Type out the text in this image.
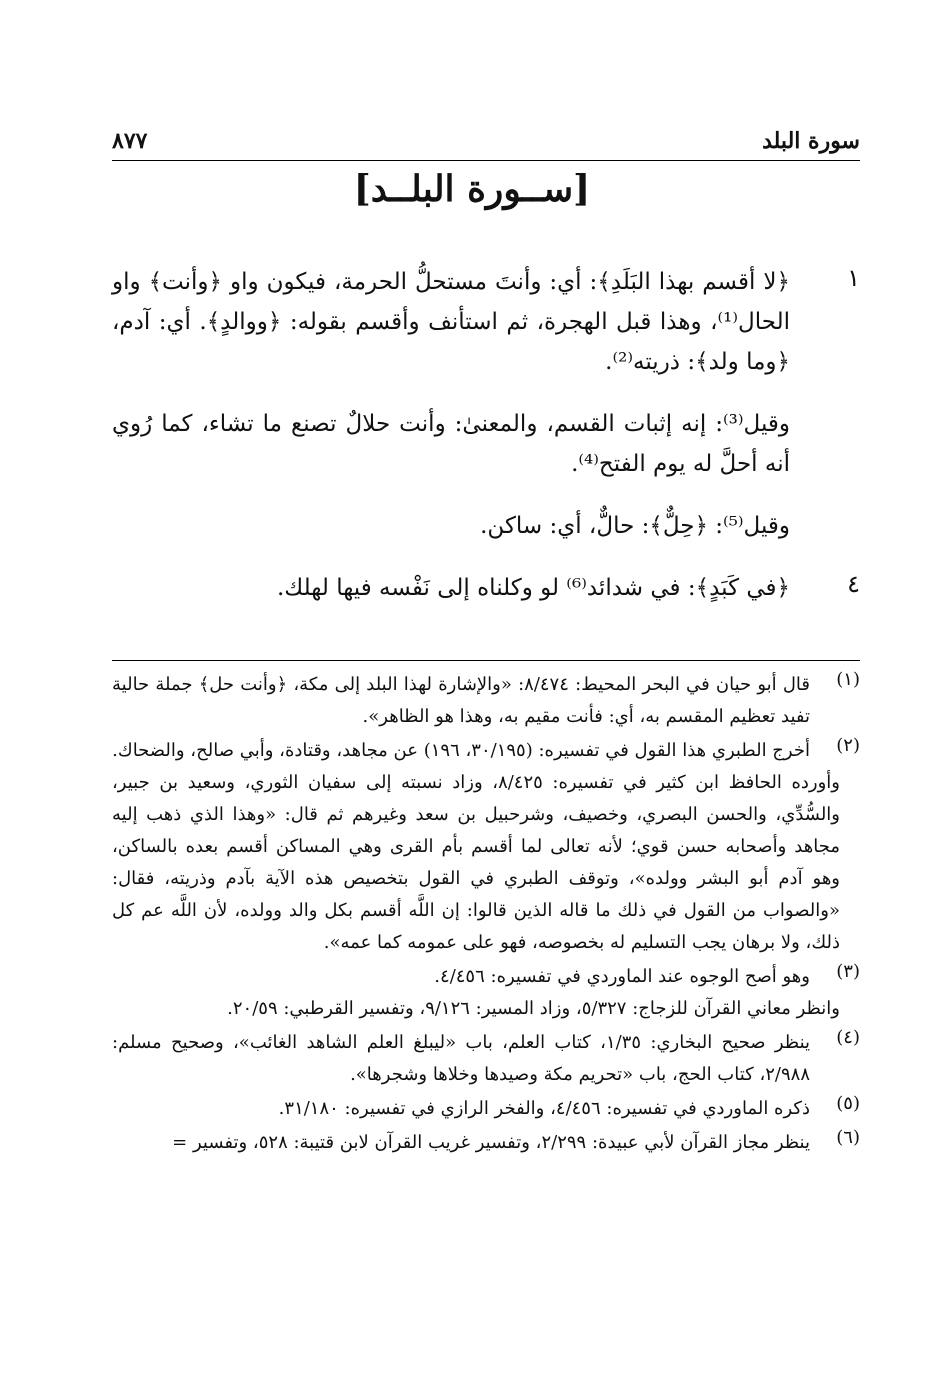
سورة البلد
٨٧٧
[ســورة البلــد]
١

﴿لا أقسم بهذا البَلَدِ﴾: أي: وأنتَ مستحلُّ الحرمة، فيكون واو ﴿وأنت﴾ واو الحال⁽¹⁾، وهذا قبل الهجرة، ثم استأنف وأقسم بقوله: ﴿ووالدٍ﴾. أي: آدم، ﴿وما ولد﴾: ذريته⁽²⁾.

وقيل⁽³⁾: إنه إثبات القسم، والمعنىٰ: وأنت حلالٌ تصنع ما تشاء، كما رُوي أنه أحلَّ له يوم الفتح⁽⁴⁾.

وقيل⁽⁵⁾: ﴿حِلٌّ﴾: حالٌّ، أي: ساكن.

٤

﴿في كَبَدٍ﴾: في شدائد⁽⁶⁾ لو وكلناه إلى نَفْسه فيها لهلك.

(١)

قال أبو حيان في البحر المحيط: ٨/٤٧٤: «والإشارة لهذا البلد إلى مكة، ﴿وأنت حل﴾ جملة حالية تفيد تعظيم المقسم به، أي: فأنت مقيم به، وهذا هو الظاهر».

(٢)

أخرج الطبري هذا القول في تفسيره: (٣٠/١٩٥، ١٩٦) عن مجاهد، وقتادة، وأبي صالح، والضحاك.

وأورده الحافظ ابن كثير في تفسيره: ٨/٤٢٥، وزاد نسبته إلى سفيان الثوري، وسعيد بن جبير، والسُّدِّي، والحسن البصري، وخصيف، وشرحبيل بن سعد وغيرهم ثم قال: «وهذا الذي ذهب إليه مجاهد وأصحابه حسن قوي؛ لأنه تعالى لما أقسم بأم القرى وهي المساكن أقسم بعده بالساكن، وهو آدم أبو البشر وولده»، وتوقف الطبري في القول بتخصيص هذه الآية بآدم وذريته، فقال: «والصواب من القول في ذلك ما قاله الذين قالوا: إن اللَّه أقسم بكل والد وولده، لأن اللَّه عم كل ذلك، ولا برهان يجب التسليم له بخصوصه، فهو على عمومه كما عمه».

(٣)

وهو أصح الوجوه عند الماوردي في تفسيره: ٤/٤٥٦.

وانظر معاني القرآن للزجاج: ٥/٣٢٧، وزاد المسير: ٩/١٢٦، وتفسير القرطبي: ٢٠/٥٩.

(٤)

ينظر صحيح البخاري: ١/٣٥، كتاب العلم، باب «ليبلغ العلم الشاهد الغائب»، وصحيح مسلم: ٢/٩٨٨، كتاب الحج، باب «تحريم مكة وصيدها وخلاها وشجرها».

(٥)

ذكره الماوردي في تفسيره: ٤/٤٥٦، والفخر الرازي في تفسيره: ٣١/١٨٠.

(٦)

ينظر مجاز القرآن لأبي عبيدة: ٢/٢٩٩، وتفسير غريب القرآن لابن قتيبة: ٥٢٨، وتفسير =
